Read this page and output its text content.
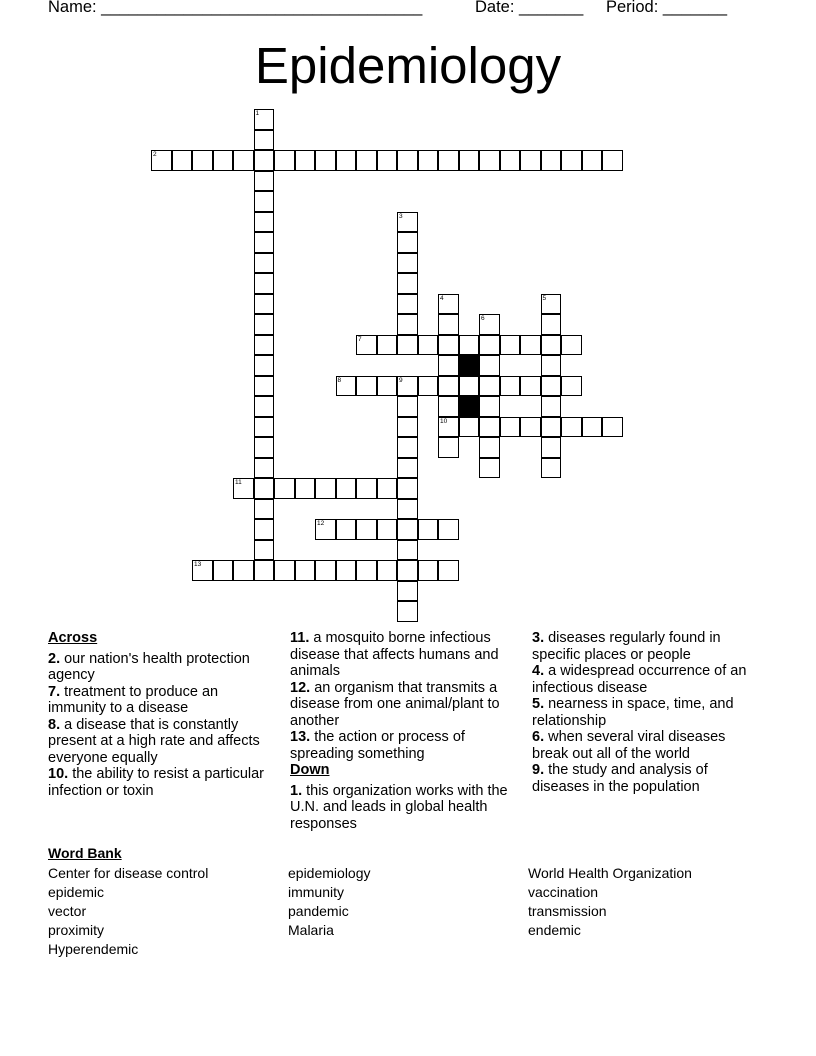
Name: ___________________________________	Date: _______ Period: _______
Epidemiology
1
2
3
4
10
5
6
7
8	9
11
12
13
Across
2. our nation's health protection agency
7. treatment to produce an immunity to a disease
8. a disease that is constantly present at a high rate and affects everyone equally
10. the ability to resist a particular infection or toxin
11. a mosquito borne infectious disease that affects humans and animals
12. an organism that transmits a disease from one animal/plant to another
13. the action or process of spreading something
Down
1. this organization works with the U.N. and leads in global health responses
3. diseases regularly found in specific places or people
4. a widespread occurrence of an infectious disease
5. nearness in space, time, and relationship
6. when several viral diseases break out all of the world
9. the study and analysis of diseases in the population
Word Bank
Center for disease control
epidemic
vector
proximity
Hyperendemic
epidemiology
immunity
pandemic
Malaria
World Health Organization
vaccination
transmission
endemic
